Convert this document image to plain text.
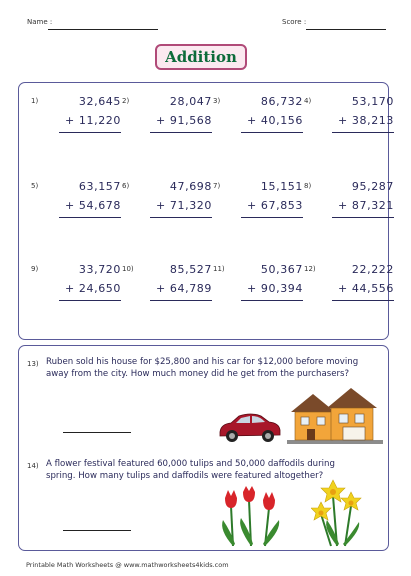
Name :	Score :
Addition
1)	32,645
+ 11,220
2)	28,047
+ 91,568
3)	86,732
+ 40,156
4)	53,170
+ 38,213
5)	63,157
+ 54,678
6)	47,698
+ 71,320
7)	15,151
+ 67,853
8)	95,287
+ 87,321
9)	33,720
+ 24,650
10)	85,527
+ 64,789
11)	50,367
+ 90,394
12)	22,222
+ 44,556
13) Ruben sold his house for $25,800 and his car for $12,000 before moving
away from the city. How much money did he get from the purchasers?
14) A flower festival featured 60,000 tulips and 50,000 daffodils during
spring. How many tulips and daffodils were featured altogether?
Printable Math Worksheets @ www.mathworksheets4kids.com
